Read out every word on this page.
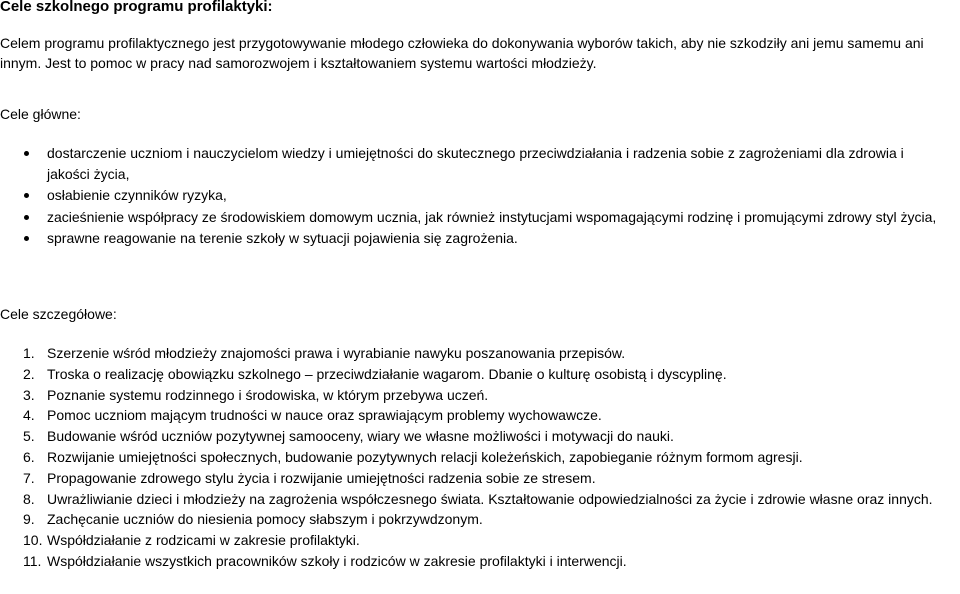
Cele szkolnego programu profilaktyki:
Celem programu profilaktycznego jest przygotowywanie młodego człowieka do dokonywania wyborów takich, aby nie szkodziły ani jemu samemu ani innym. Jest to pomoc w pracy nad samorozwojem i kształtowaniem systemu wartości młodzieży.
Cele główne:
dostarczenie uczniom i nauczycielom wiedzy i umiejętności do skutecznego przeciwdziałania i radzenia sobie z zagrożeniami dla zdrowia i jakości życia,
osłabienie czynników ryzyka,
zacieśnienie współpracy ze środowiskiem domowym ucznia, jak również instytucjami wspomagającymi rodzinę i promującymi zdrowy styl życia,
sprawne reagowanie na terenie szkoły w sytuacji pojawienia się zagrożenia.
Cele szczegółowe:
1. Szerzenie wśród młodzieży znajomości prawa i wyrabianie nawyku poszanowania przepisów.
2. Troska o realizację obowiązku szkolnego – przeciwdziałanie wagarom. Dbanie o kulturę osobistą i dyscyplinę.
3. Poznanie systemu rodzinnego i środowiska, w którym przebywa uczeń.
4. Pomoc uczniom mającym trudności w nauce oraz sprawiającym problemy wychowawcze.
5. Budowanie wśród uczniów pozytywnej samooceny, wiary we własne możliwości i motywacji do nauki.
6. Rozwijanie umiejętności społecznych, budowanie pozytywnych relacji koleżeńskich, zapobieganie różnym formom agresji.
7. Propagowanie zdrowego stylu życia i rozwijanie umiejętności radzenia sobie ze stresem.
8. Uwrażliwianie dzieci i młodzieży na zagrożenia współczesnego świata. Kształtowanie odpowiedzialności za życie i zdrowie własne oraz innych.
9. Zachęcanie uczniów do niesienia pomocy słabszym i pokrzywdzonym.
10. Współdziałanie z rodzicami w zakresie profilaktyki.
11. Współdziałanie wszystkich pracowników szkoły i rodziców w zakresie profilaktyki i interwencji.
